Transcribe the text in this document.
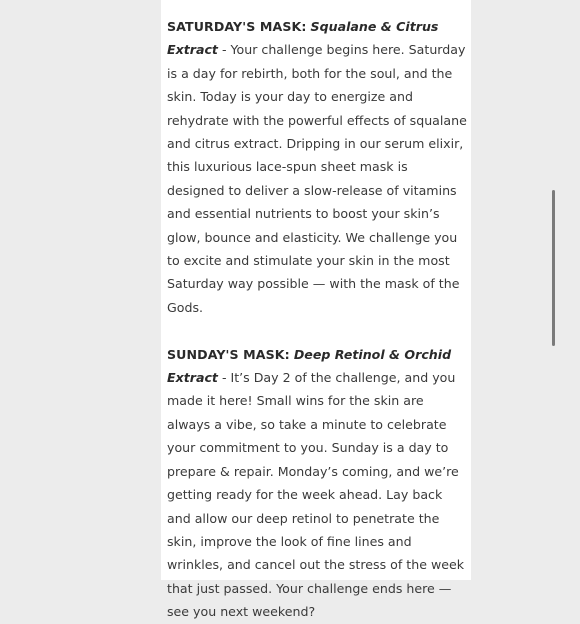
SATURDAY'S MASK: Squalane & Citrus Extract - Your challenge begins here. Saturday is a day for rebirth, both for the soul, and the skin. Today is your day to energize and rehydrate with the powerful effects of squalane and citrus extract. Dripping in our serum elixir, this luxurious lace-spun sheet mask is designed to deliver a slow-release of vitamins and essential nutrients to boost your skin’s glow, bounce and elasticity. We challenge you to excite and stimulate your skin in the most Saturday way possible — with the mask of the Gods.

SUNDAY'S MASK: Deep Retinol & Orchid Extract - It’s Day 2 of the challenge, and you made it here! Small wins for the skin are always a vibe, so take a minute to celebrate your commitment to you. Sunday is a day to prepare & repair. Monday’s coming, and we’re getting ready for the week ahead. Lay back and allow our deep retinol to penetrate the skin, improve the look of fine lines and wrinkles, and cancel out the stress of the week that just passed. Your challenge ends here — see you next weekend?
